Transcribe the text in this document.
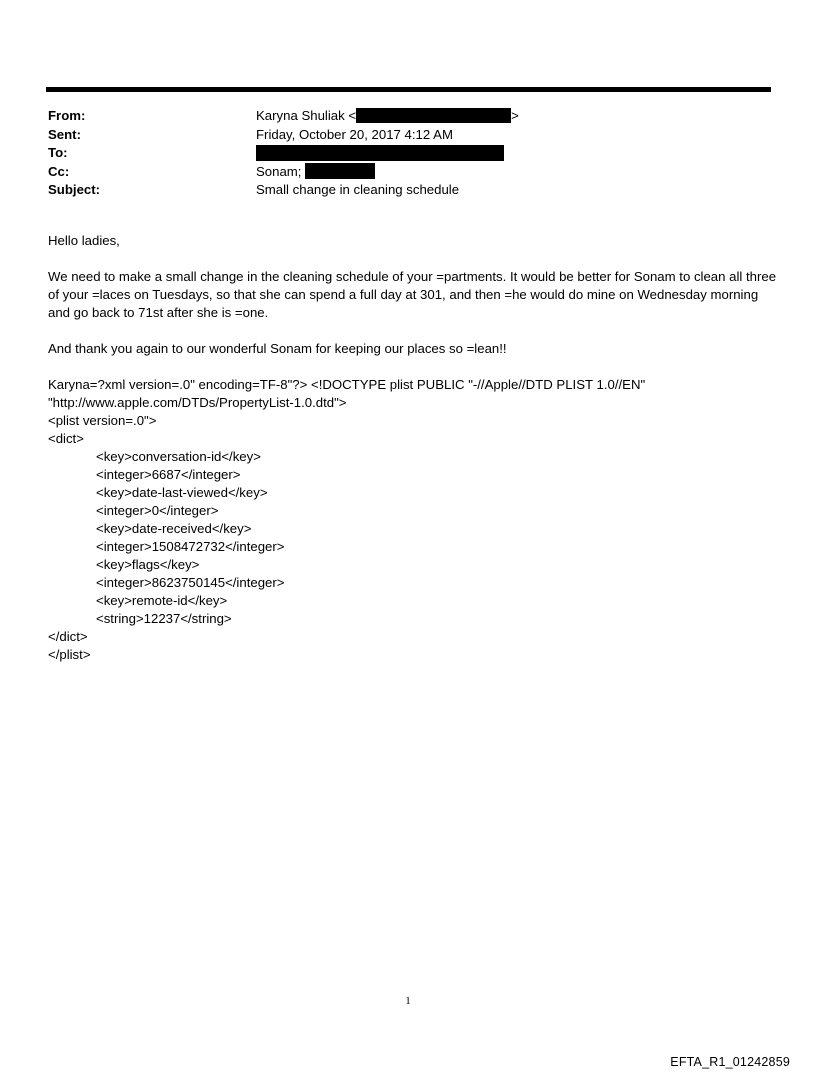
From:	Karyna Shuliak <	>
Sent:	Friday, October 20, 2017 4:12 AM
To:
Cc:	Sonam;
Subject:	Small change in cleaning schedule

Hello ladies,

We need to make a small change in the cleaning schedule of your =partments. It would be better for Sonam to clean all three of your =laces on Tuesdays, so that she can spend a full day at 301, and then =he would do mine on Wednesday morning and go back to 71st after she is =one.

And thank you again to our wonderful Sonam for keeping our places so =lean!!

Karyna=?xml version=.0" encoding=TF-8"?> <!DOCTYPE plist PUBLIC "-//Apple//DTD PLIST 1.0//EN"

"http://www.apple.com/DTDs/PropertyList-1.0.dtd">

<plist version=.0">

<dict>

<key>conversation-id</key>

<integer>6687</integer>

<key>date-last-viewed</key>

<integer>0</integer>

<key>date-received</key>

<integer>1508472732</integer>

<key>flags</key>

<integer>8623750145</integer>

<key>remote-id</key>

<string>12237</string>

</dict>

</plist>

1
EFTA_R1_01242859
